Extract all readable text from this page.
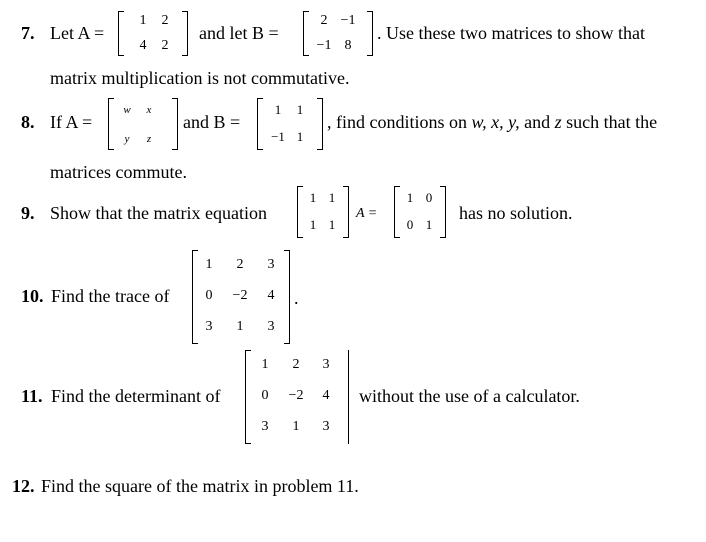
7. Let A =
1	2
4	2
and let B =
2 −1
−1 8
. Use these two matrices to show that
matrix multiplication is not commutative.
8. If A =
w	x
y	z
and B =
1	1
−1 1
, find conditions on w, x, y, and z such that the
matrices commute.
9. Show that the matrix equation
1 1
1 1
A =
1 0
0 1
has no solution.
10. Find the trace of
1	2	3
0	−2	4
3	1	3
.
11. Find the determinant of
1	2	3
0	−2	4
3	1	3
without the use of a calculator.
12. Find the square of the matrix in problem 11.
